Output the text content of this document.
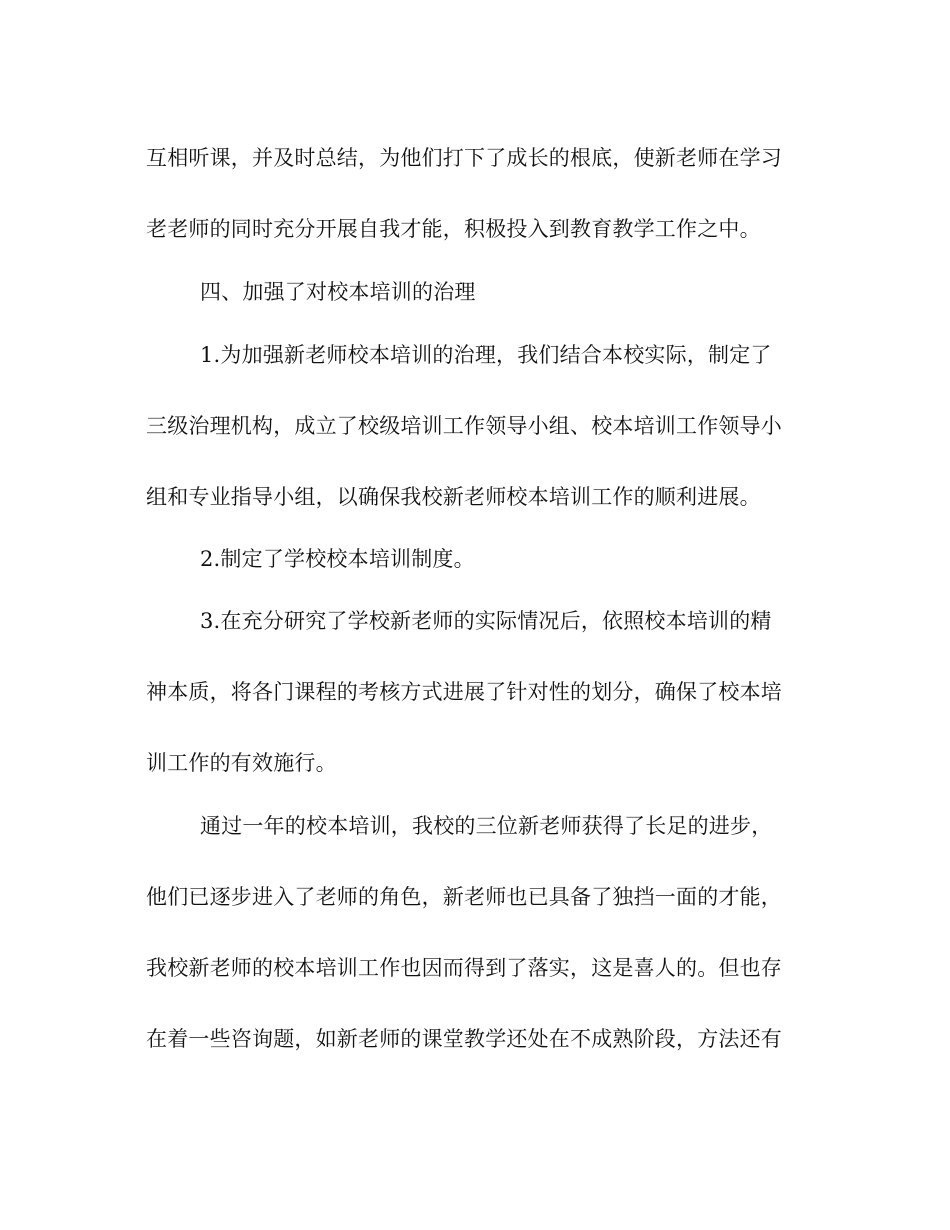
互相听课，并及时总结，为他们打下了成长的根底，使新老师在学习
老老师的同时充分开展自我才能，积极投入到教育教学工作之中。
四、加强了对校本培训的治理
1.为加强新老师校本培训的治理，我们结合本校实际，制定了
三级治理机构，成立了校级培训工作领导小组、校本培训工作领导小
组和专业指导小组，以确保我校新老师校本培训工作的顺利进展。
2.制定了学校校本培训制度。
3.在充分研究了学校新老师的实际情况后，依照校本培训的精
神本质，将各门课程的考核方式进展了针对性的划分，确保了校本培
训工作的有效施行。
通过一年的校本培训，我校的三位新老师获得了长足的进步，
他们已逐步进入了老师的角色，新老师也已具备了独挡一面的才能，
我校新老师的校本培训工作也因而得到了落实，这是喜人的。但也存
在着一些咨询题，如新老师的课堂教学还处在不成熟阶段，方法还有
